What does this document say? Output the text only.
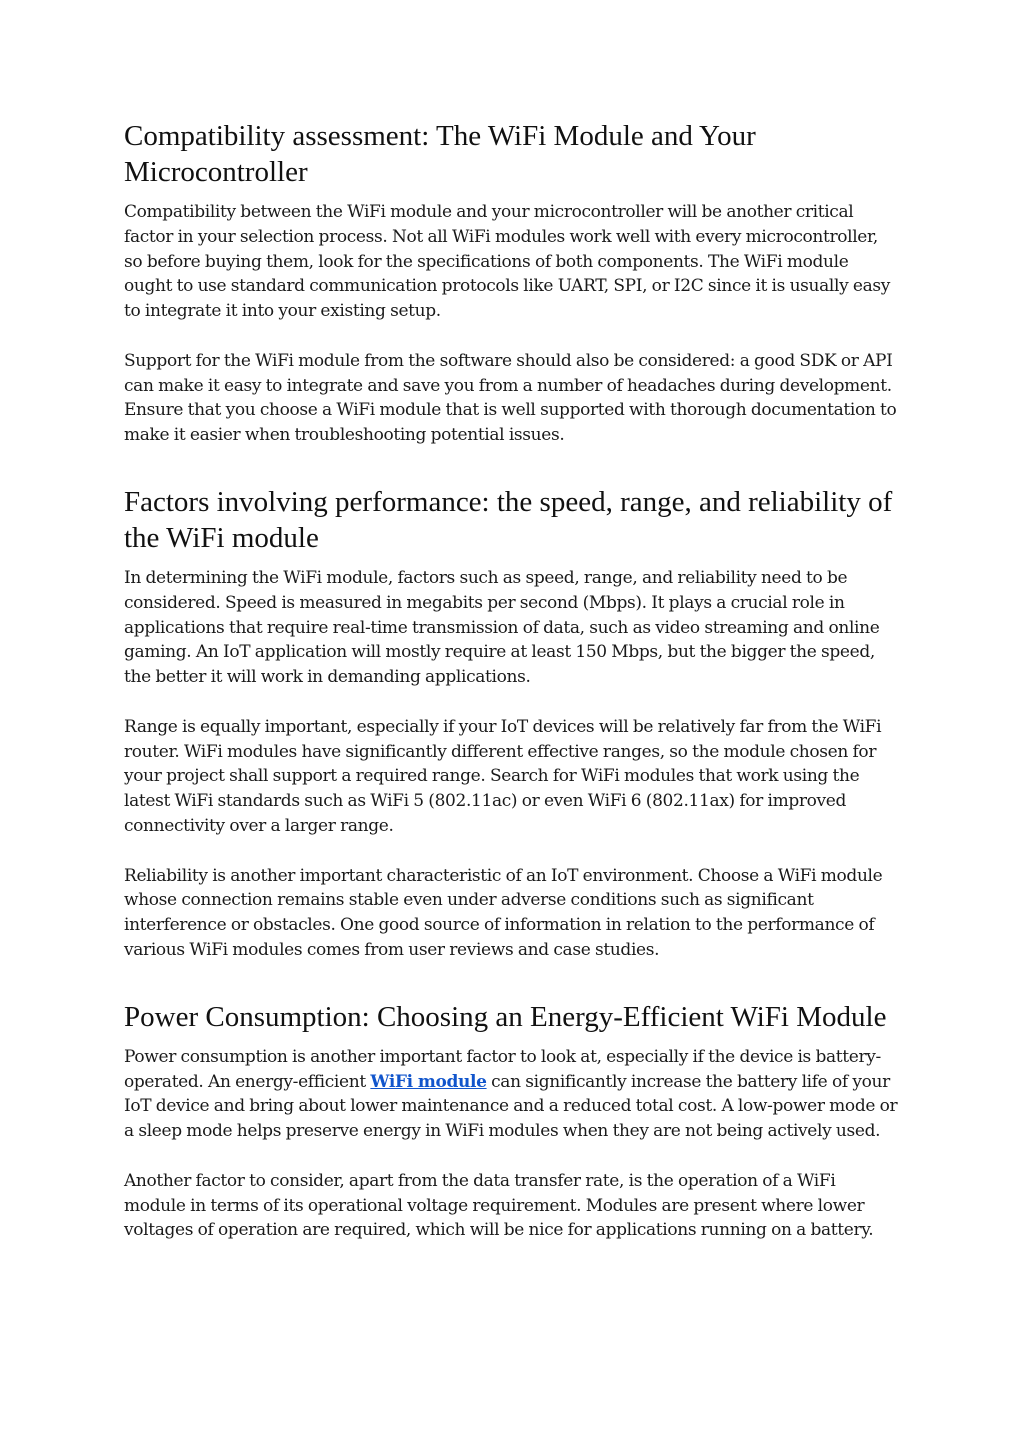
Compatibility assessment: The WiFi Module and Your Microcontroller

Compatibility between the WiFi module and your microcontroller will be another critical factor in your selection process. Not all WiFi modules work well with every microcontroller, so before buying them, look for the specifications of both components. The WiFi module ought to use standard communication protocols like UART, SPI, or I2C since it is usually easy to integrate it into your existing setup.

Support for the WiFi module from the software should also be considered: a good SDK or API can make it easy to integrate and save you from a number of headaches during development. Ensure that you choose a WiFi module that is well supported with thorough documentation to make it easier when troubleshooting potential issues.

Factors involving performance: the speed, range, and reliability of the WiFi module

In determining the WiFi module, factors such as speed, range, and reliability need to be considered. Speed is measured in megabits per second (Mbps). It plays a crucial role in applications that require real-time transmission of data, such as video streaming and online gaming. An IoT application will mostly require at least 150 Mbps, but the bigger the speed, the better it will work in demanding applications.

Range is equally important, especially if your IoT devices will be relatively far from the WiFi router. WiFi modules have significantly different effective ranges, so the module chosen for your project shall support a required range. Search for WiFi modules that work using the latest WiFi standards such as WiFi 5 (802.11ac) or even WiFi 6 (802.11ax) for improved connectivity over a larger range.

Reliability is another important characteristic of an IoT environment. Choose a WiFi module whose connection remains stable even under adverse conditions such as significant interference or obstacles. One good source of information in relation to the performance of various WiFi modules comes from user reviews and case studies.

Power Consumption: Choosing an Energy-Efficient WiFi Module

Power consumption is another important factor to look at, especially if the device is battery-operated. An energy-efficient WiFi module can significantly increase the battery life of your IoT device and bring about lower maintenance and a reduced total cost. A low-power mode or a sleep mode helps preserve energy in WiFi modules when they are not being actively used.

Another factor to consider, apart from the data transfer rate, is the operation of a WiFi module in terms of its operational voltage requirement. Modules are present where lower voltages of operation are required, which will be nice for applications running on a battery.
